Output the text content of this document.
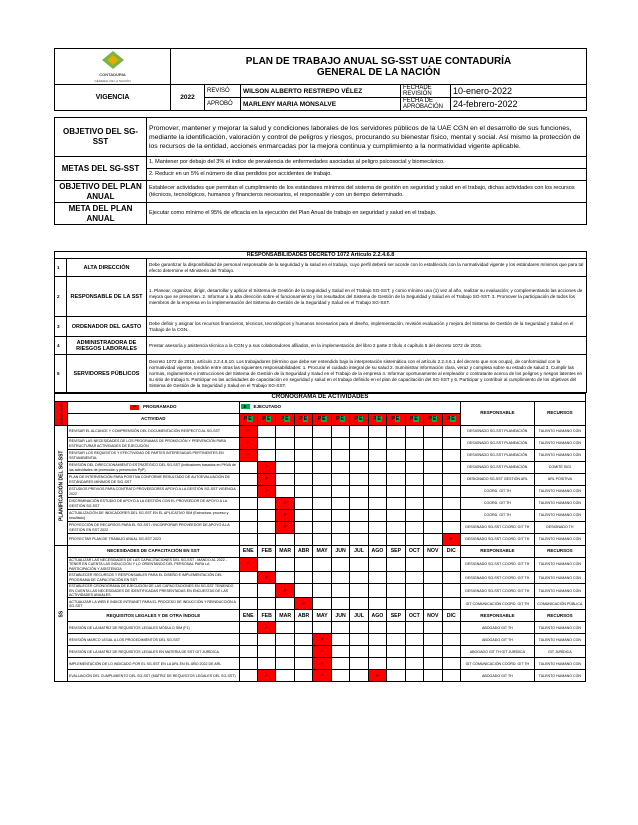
CONTADURIA
GENERAL DE LA NACIÓN	PLAN DE TRABAJO ANUAL SG-SST UAE CONTADURÍA
GENERAL DE LA NACIÓN				
VIGENCIA	2022	REVISÓ	WILSON ALBERTO RESTREPO VÉLEZ	FECHADE REVISIÓN	10-enero-2022
		APROBÓ	MARLENY MARIA MONSALVE	FECHA DE APROBACIÓN	24-febrero-2022
OBJETIVO DEL SG-SST	Promover, mantener y mejorar la salud y condiciones laborales de los servidores públicos de la UAE CGN en el desarrollo de sus funciones, mediante la identificación, valoración y control de peligros y riesgos, procurando su bienestar físico, mental y social. Así mismo la protección de los recursos de la entidad, acciones enmarcadas por la mejora continua y cumplimiento a la normatividad vigente aplicable.
METAS DEL SG-SST	1. Mantener por debajo del 3% el índice de prevalencia de enfermedades asociadas al peligro psicosocial y biomecánico.
	2. Reducir en un 5% el número de días perdidos por accidentes de trabajo.
OBJETIVO DEL PLAN ANUAL	Establecer actividades que permitan el cumplimiento de los estándares mínimos del sistema de gestión en seguridad y salud en el trabajo, dichas actividades con los recursos (técnicos, tecnológicos, humanos y financieros necesarios, el responsable y con un tiempo determinado.
META DEL PLAN ANUAL	Ejecutar como mínimo el 95% de eficacia en la ejecución del Plan Anual de trabajo en seguridad y salud en el trabajo.
RESPONSABILIDADES DECRETO 1072 Artículo 2.2.4.6.8		
1	ALTA DIRECCIÓN	Debe garantizar la disponibilidad de personal responsable de la seguridad y la salud en el trabajo, cuyo perfil deberá ser acorde con lo establecido con la normatividad vigente y los estándares mínimos que para tal efecto determine el Ministerio del Trabajo.
2	RESPONSABLE DE LA SST	1. Planear, organizar, dirigir, desarrollar y aplicar el Sistema de Gestión de la Seguridad y Salud en el Trabajo SG-SST, y como mínimo una (1) vez al año, realizar su evaluación; y complementando las acciones de mejora que se presenten. 2. Informar a la alta dirección sobre el funcionamiento y los resultados del Sistema de Gestión de la Seguridad y Salud en el Trabajo SG-SST. 3. Promover la participación de todos los miembros de la empresa en la implementación del Sistema de Gestión de la Seguridad y Salud en el Trabajo SG-SST.
3	ORDENADOR DEL GASTO	Debe definir y asignar los recursos financieros, técnicos, tecnológicos y humanos necesarios para el diseño, implementación, revisión evaluación y mejora del Sistema de Gestión de la Seguridad y Salud en el Trabajo de la CGN.
4	ADMINISTRADORA DE RIESGOS LABORALES	Prestar asesoría y asistencia técnica a la CGN y a sus colaboradores afiliados, en la implementación del libro 2 parte 2 título 4 capítulo 6 del decreto 1072 de 2015.
5	SERVIDORES PÚBLICOS	Decreto 1072 de 2015, artículo 2.2.4.6.10. Los trabajadores (término que debe ser entendido bajo la interpretación sistemática con el artículo 2.2.4.6.1 del decreto que nos ocupa), de conformidad con la normatividad vigente, tendrán entre otras las siguientes responsabilidades: 1. Procurar el cuidado integral de su salud 2. Suministrar información clara, veraz y completa sobre su estado de salud 3. Cumplir las normas, reglamentos e instrucciones del Sistema de Gestión de la Seguridad y Salud en el Trabajo de la empresa 4. Informar oportunamente al empleador o contratante acerca de los peligros y riesgos latentes en su sitio de trabajo 5. Participar en las actividades de capacitación en seguridad y salud en el trabajo definido en el plan de capacitación del SG-SST y 6. Participar y contribuir al cumplimiento de los objetivos del Sistema de Gestión de la Seguridad y Salud en el Trabajo SG-SST.
CRONOGRAMA DE ACTIVIDADES															
SEGUIM. ACTIV.	P PROGRAMADO	E EJECUTADO												RESPONSABLE	RECURSOS
	ACTIVIDAD	PE	PE	PE	PE	PE	PE	PE	PE	PE	PE	PE	PE		
PLANIFICACIÓN DEL SG-SST	REVISAR EL ALCANCE Y COMPRENSIÓN DEL DOCUMENTACIÓN RESPECTO AL SG-SST	P												DESIGNADO SG-SST PLANEACIÓN	TALENTO HUMANO CGN
	REVISAR LAS NECESIDADES DE LOS PROGRAMAS DE PROMOCIÓN Y PREVENCIÓN PARA ESTRUCTURAR ACTIVIDADES DE EJECUCIÓN	P												DESIGNADO SG-SST PLANEACIÓN	TALENTO HUMANO CGN
	REVISAR LOS REQUISITOS Y EFECTIVIDAD DE PARTES INTERESADAS PERTINENTES EN SST/AMBIENTAL	P												DESIGNADO SG-SST PLANEACIÓN	TALENTO HUMANO CGN
	REVISIÓN DEL DIRECCIONAMIENTO ESTRATÉGICO DEL SG-SST (Indicadores basados en PHVA de las actividades de promoción y prevención PyP)		P											DESIGNADO SG-SST PLANEACIÓN	COMITÉ SIGI
	PLAN DE INTERVENCIÓN PARA POSITIVA CONFORME RESULTADO DE AUTOEVALUACIÓN DE ESTÁNDARES MÍNIMOS DE SIG-SST		P											DESIGNADO SG-SST GESTIÓN ARL	ARL POSITIVA
	ESTUDIOS PREVIOS PARA CONTRATO PROVEEDORES APOYO A LA GESTIÓN SG-SST VIGENCIA 2022		P											COORD. GIT TH	TALENTO HUMANO CGN
	DISCRIMINACIÓN ESTUDIO DE APOYO A LA GESTIÓN CON EL PROVEEDOR DE APOYO A LA GESTIÓN SG-SST			P										COORD. GIT TH	TALENTO HUMANO CGN
	ACTUALIZACIÓN DE INDICADORES DEL SG-SST EN EL APLICATIVO SIM (Estructura, proceso y resultado)			P										COORD. GIT TH	TALENTO HUMANO CGN
	PROYECCIÓN DE RECURSOS PARA EL SG-SST / INCORPORAR PROVEEDOR DE APOYO A LA GESTIÓN EN SST 2022			P										DESIGNADO SG-SST COORD. GIT TH	DESIGNADO TH
	PROYECTAR PLAN DE TRABAJO ANUAL SG-SST 2023												P	DESIGNADO SG-SST COORD. GIT TH	TALENTO HUMANO CGN
SS	NECESIDADES DE CAPACITACIÓN EN SST	ENE	FEB	MAR	ABR	MAY	JUN	JUL	AGO	SEP	OCT	NOV	DIC	RESPONSABLE	RECURSOS
	ACTUALIZAR LAS NECESIDADES DE LAS CAPACITACIONES DEL SG-SST - MANDO AL 2022 - TENER EN CUENTA LAS INDUCCIÓN Y LO ORIENTANDO DEL PERSONAL PARA LA PARTICIPACIÓN Y ASISTENCIA	P												DESIGNADO SG-SST COORD. GIT TH	TALENTO HUMANO CGN
	ESTABLECER RECURSOS Y RESPONSABLES PARA EL DISEÑO E IMPLEMENTACIÓN DEL PROGRAMA DE CAPACITACIÓN EN SST		P											DESIGNADO SG-SST COORD. GIT TH	TALENTO HUMANO CGN
	ESTABLECER CRONOGRAMA DE EJECUCIÓN DE LAS CAPACITACIONES EN SG-SST TENIENDO EN CUENTA LAS NECESIDADES DE IDENTIFICADAS PRESENTADAS EN ENCUESTAS DE LAS ACTIVIDADES ANUALES			P										DESIGNADO SG-SST COORD. GIT TH	TALENTO HUMANO CGN
	ACTUALIZAR LA WEB E INDICE INTRANET PARA EL PROCESO DE INDUCCIÓN Y REINDUCCIÓN A SG-SST				P									GIT COMUNICACIÓN COORD. GIT TH	COMUNICACIÓN PÚBLICA
	REQUISITOS LEGALES Y DE OTRA ÍNDOLE	ENE	FEB	MAR	ABR	MAY	JUN	JUL	AGO	SEP	OCT	NOV	DIC	RESPONSABLE	RECURSOS
	REVISIÓN DE LA MATRIZ DE REQUISITOS LEGALES MÓDULO SIM (F1)		P											ABOGADO GIT TH	TALENTO HUMANO CGN
	REVISIÓN MARCO LEGAL A LOS PROCEDIMIENTOS DEL SG-SST					P								ABOGADO GIT TH	TALENTO HUMANO CGN
	REVISIÓN DE LA MATRIZ DE REQUISITOS LEGALES EN MATERIA DE SST GIT JURÍDICA					P								ABOGADO GIT TH GIT JURÍDICA	GIT JURÍDICA
	IMPLEMENTACIÓN DE LO INDICADO POR EL SG-SST EN LA ARL EN EL AÑO 2022 DE ARL					P								GIT COMUNICACIÓN COORD. GIT TH	TALENTO HUMANO CGN
	EVALUACIÓN DEL CUMPLIMIENTO DEL SG-SST (MATRIZ DE REQUISITOS LEGALES DEL SG-SST)		P			P			P					ABOGADO GIT TH	TALENTO HUMANO CGN
